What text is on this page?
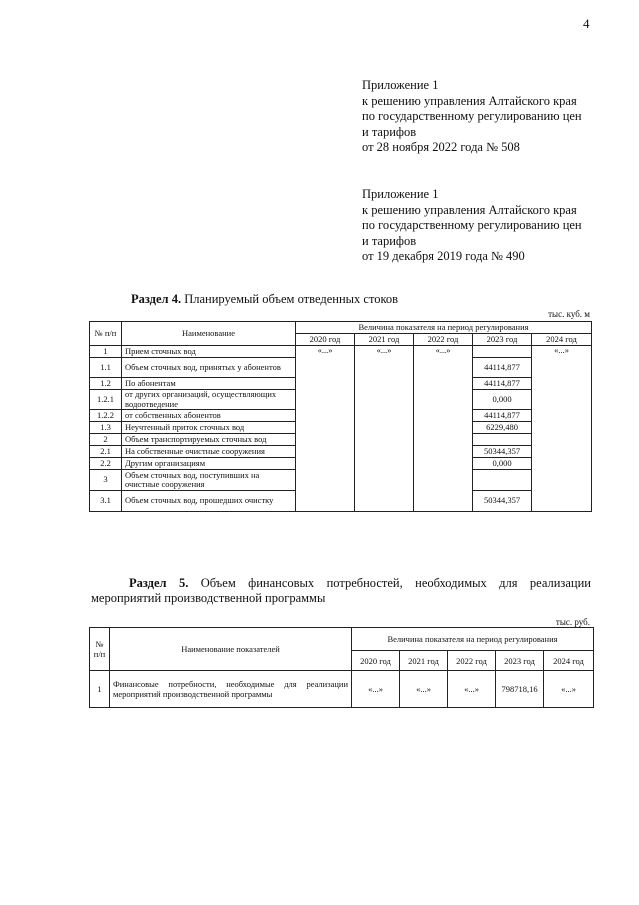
4
Приложение 1
к решению управления Алтайского края
по государственному регулированию цен
и тарифов
от 28 ноября 2022 года № 508
Приложение 1
к решению управления Алтайского края
по государственному регулированию цен
и тарифов
от 19 декабря 2019 года № 490
Раздел 4. Планируемый объем отведенных стоков
тыс. куб. м
№ п/п	Наименование	Величина показателя на период регулирования				
		2020 год	2021 год	2022 год	2023 год	2024 год
1	Прием сточных вод	«...»	«...»	«...»		«...»
1.1	Объем сточных вод, принятых у абонентов				44114,877	
1.2	По абонентам				44114,877	
1.2.1	от других организаций, осуществляющих водоотведение				0,000	
1.2.2	от собственных абонентов				44114,877	
1.3	Неучтенный приток сточных вод				6229,480	
2	Объем транспортируемых сточных вод					
2.1	На собственные очистные сооружения				50344,357	
2.2	Другим организациям				0,000	
3	Объем сточных вод, поступивших на очистные сооружения					
3.1	Объем сточных вод, прошедших очистку				50344,357	
Раздел 5. Объем финансовых потребностей, необходимых для реализации мероприятий производственной программы
тыс. руб.
№ п/п	Наименование показателей	Величина показателя на период регулирования				
		2020 год	2021 год	2022 год	2023 год	2024 год
1	Финансовые потребности, необходимые для реализации мероприятий производственной программы	«...»	«...»	«...»	798718,16	«...»
